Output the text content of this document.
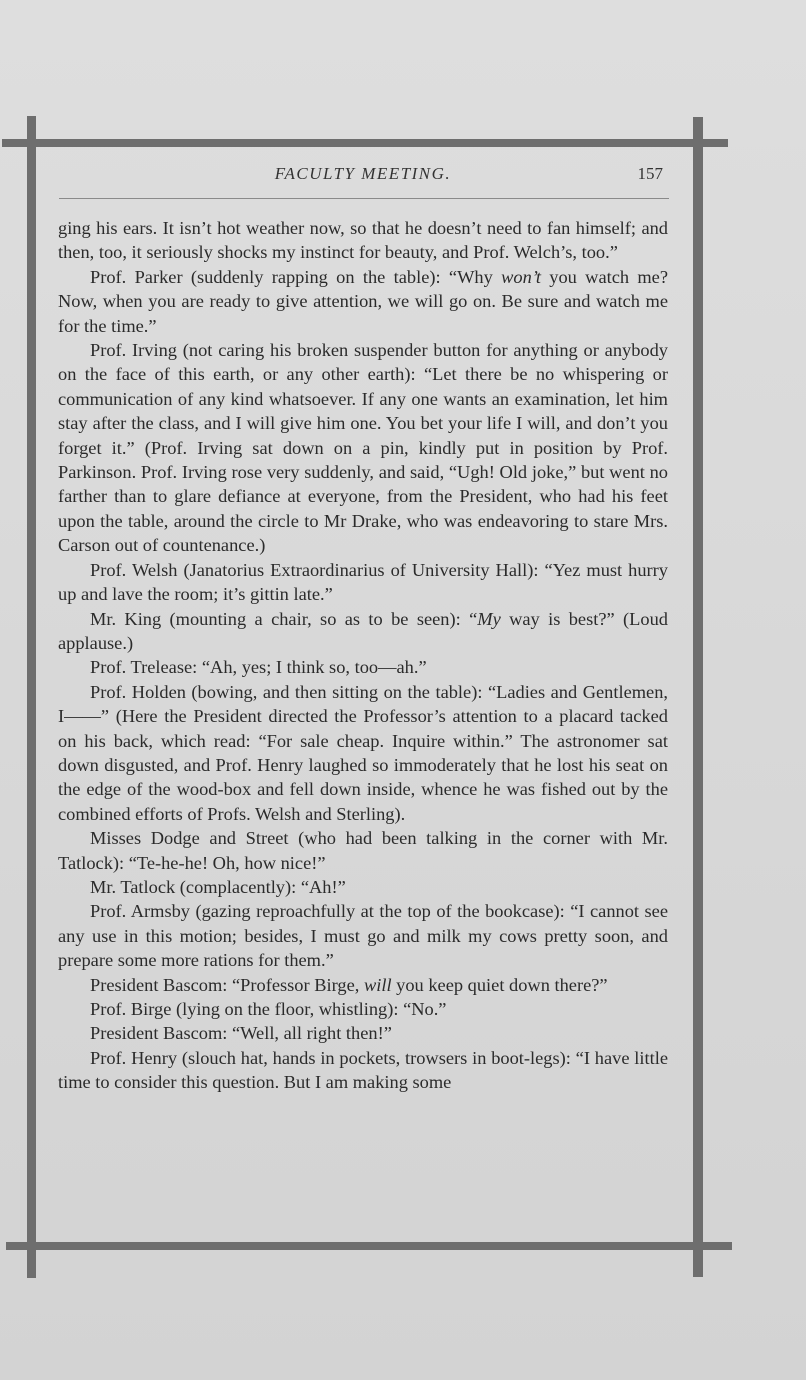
FACULTY MEETING.	157

ging his ears. It isn’t hot weather now, so that he doesn’t need to fan himself; and then, too, it seriously shocks my instinct for beauty, and Prof. Welch’s, too.”

Prof. Parker (suddenly rapping on the table): “Why won’t you watch me? Now, when you are ready to give attention, we will go on. Be sure and watch me for the time.”

Prof. Irving (not caring his broken suspender button for anything or anybody on the face of this earth, or any other earth): “Let there be no whispering or communication of any kind whatsoever. If any one wants an examination, let him stay after the class, and I will give him one. You bet your life I will, and don’t you forget it.” (Prof. Irving sat down on a pin, kindly put in position by Prof. Parkinson. Prof. Irving rose very suddenly, and said, “Ugh! Old joke,” but went no farther than to glare defiance at everyone, from the President, who had his feet upon the table, around the circle to Mr Drake, who was endeavoring to stare Mrs. Carson out of countenance.)

Prof. Welsh (Janatorius Extraordinarius of University Hall): “Yez must hurry up and lave the room; it’s gittin late.”

Mr. King (mounting a chair, so as to be seen): “My way is best?” (Loud applause.)

Prof. Trelease: “Ah, yes; I think so, too—ah.”

Prof. Holden (bowing, and then sitting on the table): “Ladies and Gentlemen, I——” (Here the President directed the Professor’s attention to a placard tacked on his back, which read: “For sale cheap. Inquire within.” The astronomer sat down disgusted, and Prof. Henry laughed so immoderately that he lost his seat on the edge of the wood-box and fell down inside, whence he was fished out by the combined efforts of Profs. Welsh and Sterling).

Misses Dodge and Street (who had been talking in the corner with Mr. Tatlock): “Te-he-he! Oh, how nice!”

Mr. Tatlock (complacently): “Ah!”

Prof. Armsby (gazing reproachfully at the top of the bookcase): “I cannot see any use in this motion; besides, I must go and milk my cows pretty soon, and prepare some more rations for them.”

President Bascom: “Professor Birge, will you keep quiet down there?”

Prof. Birge (lying on the floor, whistling): “No.”

President Bascom: “Well, all right then!”

Prof. Henry (slouch hat, hands in pockets, trowsers in boot-legs): “I have little time to consider this question. But I am making some
